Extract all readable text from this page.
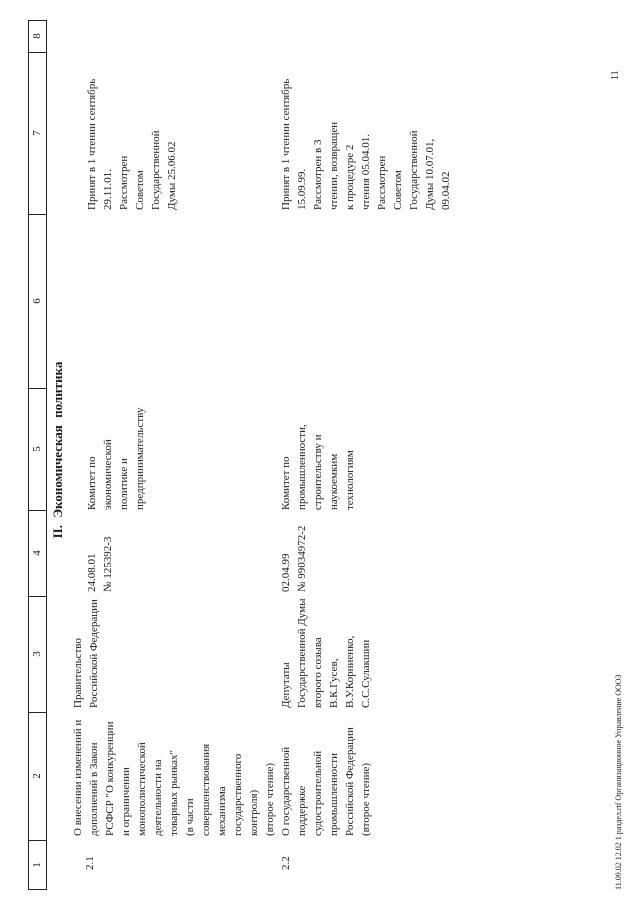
1
2
3
4
5
6
7
8
II. Экономическая политика
2.1
О внесении изменений и дополнений в Закон РСФСР "О конкуренции и ограничении монополистической деятельности на товарных рынках" (в части совершенствования механизма государственного контроля) (второе чтение)
Правительство Российской Федерации
24.08.01 № 125392-3
Комитет по экономической политике и предпринимательству
Принят в 1 чтении сентябрь 29.11.01. Рассмотрен Советом Государственной Думы 25.06.02
2.2
О государственной поддержке судостроительной промышленности Российской Федерации (второе чтение)
Депутаты Государственной Думы второго созыва В.К.Гусев, В.У.Корниенко, С.С.Сулакшин
02.04.99 № 99034972-2
Комитет по промышленности, строительству и наукоемким технологиям
Принят в 1 чтении сентябрь 15.09.99. Рассмотрен в 3 чтении, возвращен к процедуре 2 чтения 05.04.01. Рассмотрен Советом Государственной Думы 10.07.01, 09.04.02
11.09.02 12.02 1 раздел.rtf Организационное Управление ОООЗ
11
